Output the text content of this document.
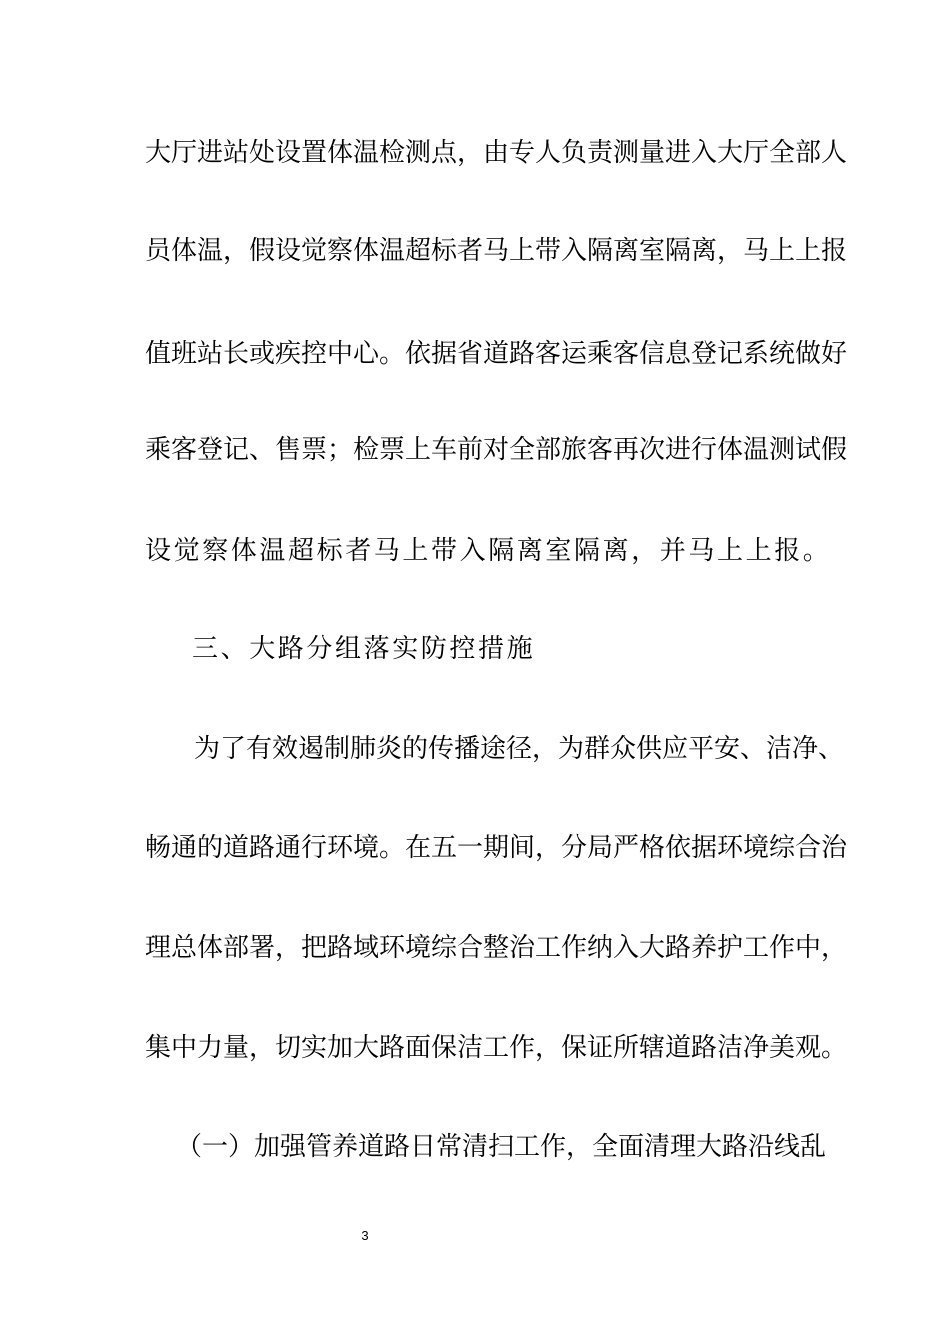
大厅进站处设置体温检测点，由专人负责测量进入大厅全部人
员体温，假设觉察体温超标者马上带入隔离室隔离，马上上报
值班站长或疾控中心。依据省道路客运乘客信息登记系统做好
乘客登记、售票；检票上车前对全部旅客再次进行体温测试假
设觉察体温超标者马上带入隔离室隔离，并马上上报。
三、大路分组落实防控措施
为了有效遏制肺炎的传播途径，为群众供应平安、洁净、
畅通的道路通行环境。在五一期间，分局严格依据环境综合治
理总体部署，把路域环境综合整治工作纳入大路养护工作中，
集中力量，切实加大路面保洁工作，保证所辖道路洁净美观。
（一）加强管养道路日常清扫工作，全面清理大路沿线乱
3
